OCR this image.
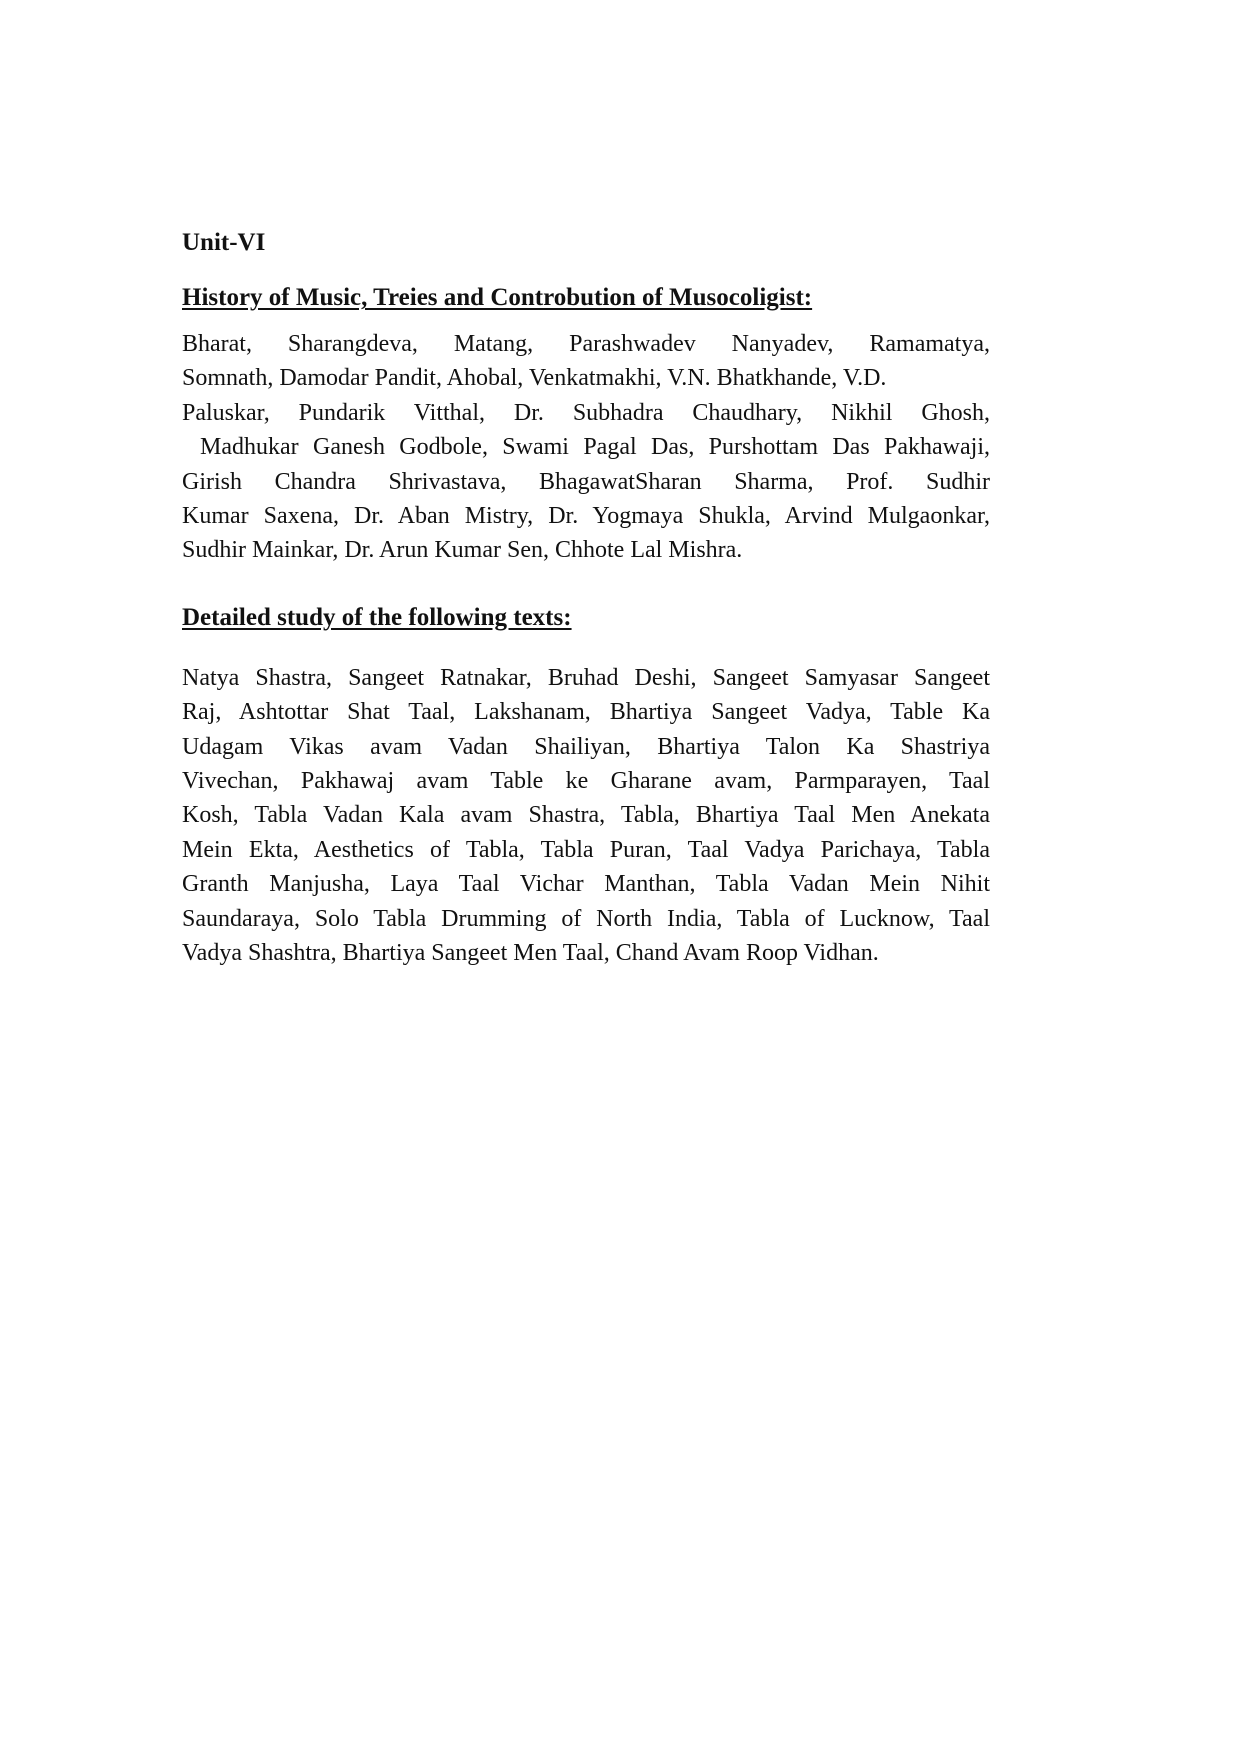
Unit-VI
History of Music, Treies and Controbution of Musocoligist:

Bharat, Sharangdeva, Matang, Parashwadev Nanyadev, Ramamatya,
Somnath, Damodar Pandit, Ahobal, Venkatmakhi, V.N. Bhatkhande, V.D.
Paluskar, Pundarik Vitthal, Dr. Subhadra Chaudhary, Nikhil Ghosh,
Madhukar Ganesh Godbole, Swami Pagal Das, Purshottam Das Pakhawaji,
Girish Chandra Shrivastava, BhagawatSharan Sharma, Prof. Sudhir
Kumar Saxena, Dr. Aban Mistry, Dr. Yogmaya Shukla, Arvind Mulgaonkar,
Sudhir Mainkar, Dr. Arun Kumar Sen, Chhote Lal Mishra.

Detailed study of the following texts:

Natya Shastra, Sangeet Ratnakar, Bruhad Deshi, Sangeet Samyasar Sangeet
Raj, Ashtottar Shat Taal, Lakshanam, Bhartiya Sangeet Vadya, Table Ka
Udagam Vikas avam Vadan Shailiyan, Bhartiya Talon Ka Shastriya
Vivechan, Pakhawaj avam Table ke Gharane avam, Parmparayen, Taal
Kosh, Tabla Vadan Kala avam Shastra, Tabla, Bhartiya Taal Men Anekata
Mein Ekta, Aesthetics of Tabla, Tabla Puran, Taal Vadya Parichaya, Tabla
Granth Manjusha, Laya Taal Vichar Manthan, Tabla Vadan Mein Nihit
Saundaraya, Solo Tabla Drumming of North India, Tabla of Lucknow, Taal
Vadya Shashtra, Bhartiya Sangeet Men Taal, Chand Avam Roop Vidhan.
